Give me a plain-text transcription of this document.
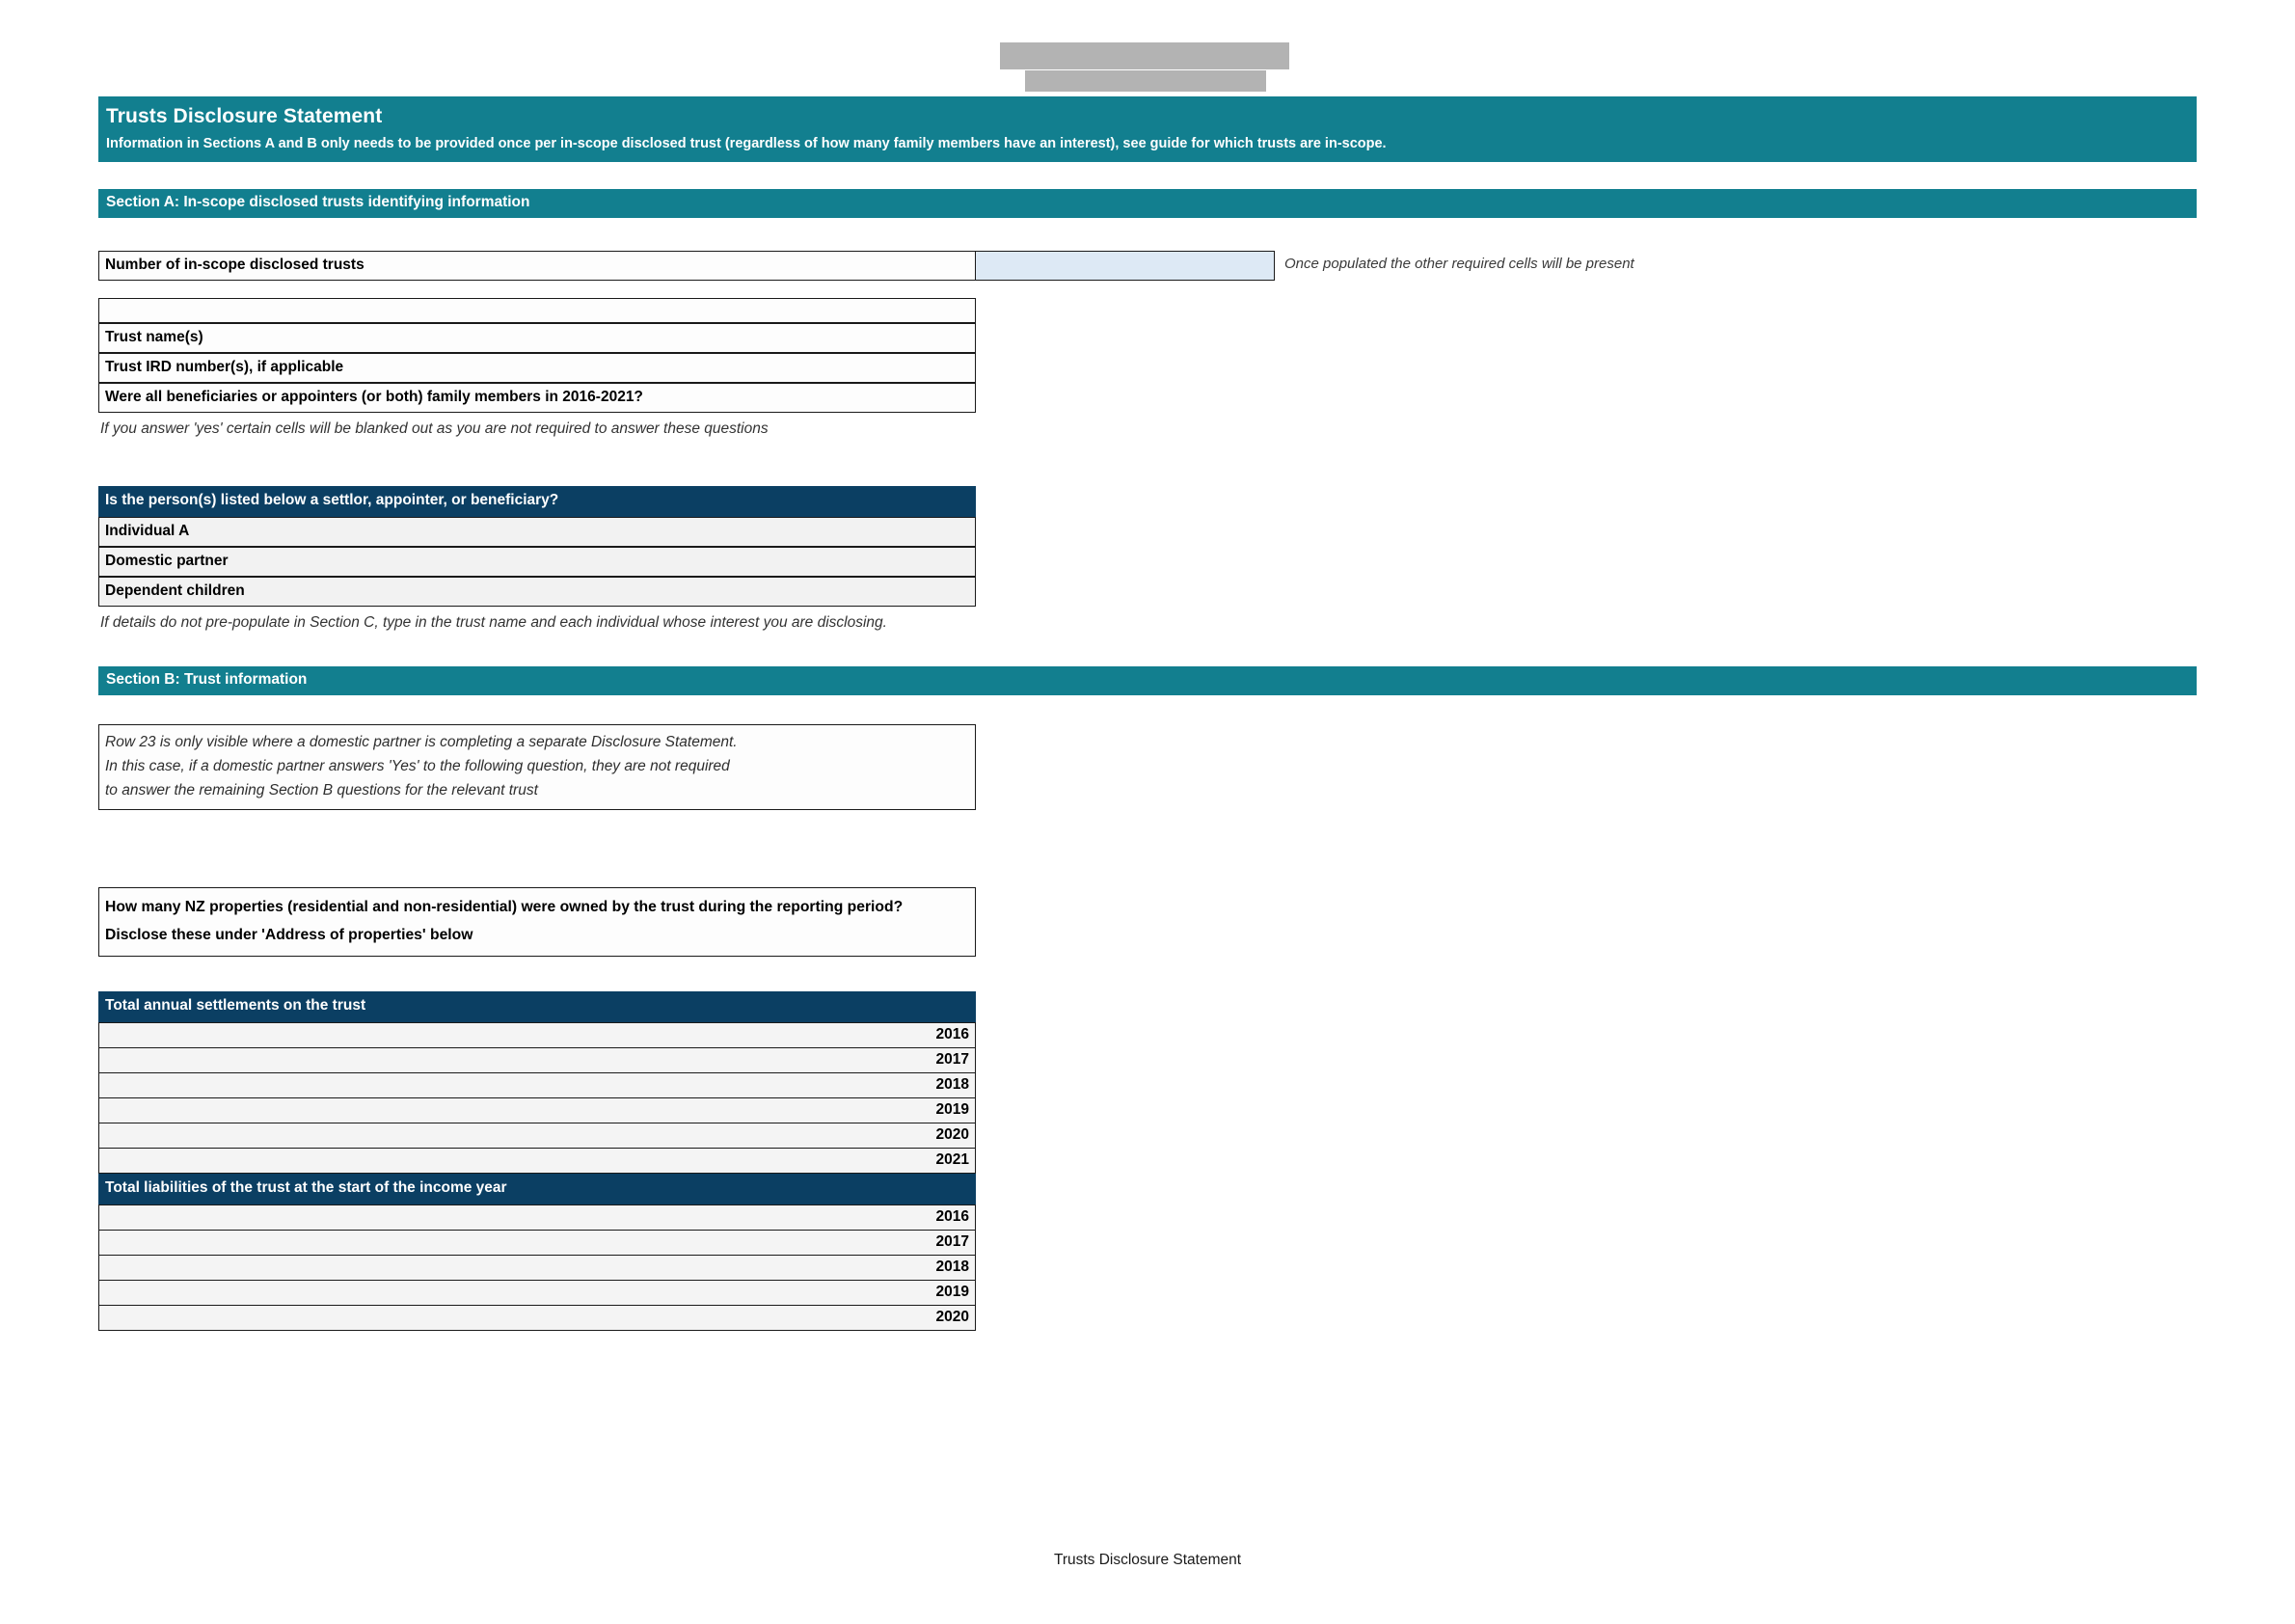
Trusts Disclosure Statement
Information in Sections A and B only needs to be provided once per in-scope disclosed trust (regardless of how many family members have an interest), see guide for which trusts are in-scope.
Section A: In-scope disclosed trusts identifying information
Number of in-scope disclosed trusts	Once populated the other required cells will be present
Trust name(s)
Trust IRD number(s), if applicable
Were all beneficiaries or appointers (or both) family members in 2016-2021?
If you answer 'yes' certain cells will be blanked out as you are not required to answer these questions
Is the person(s) listed below a settlor, appointer, or beneficiary?
Individual A
Domestic partner
Dependent children
If details do not pre-populate in Section C, type in the trust name and each individual whose interest you are disclosing.
Section B: Trust information
Row 23 is only visible where a domestic partner is completing a separate Disclosure Statement.
In this case, if a domestic partner answers 'Yes' to the following question, they are not required
to answer the remaining Section B questions for the relevant trust
How many NZ properties (residential and non-residential) were owned by the trust during the reporting period? Disclose these under 'Address of properties' below
Total annual settlements on the trust
2016
2017
2018
2019
2020
2021
Total liabilities of the trust at the start of the income year
2016
2017
2018
2019
2020
Trusts Disclosure Statement
